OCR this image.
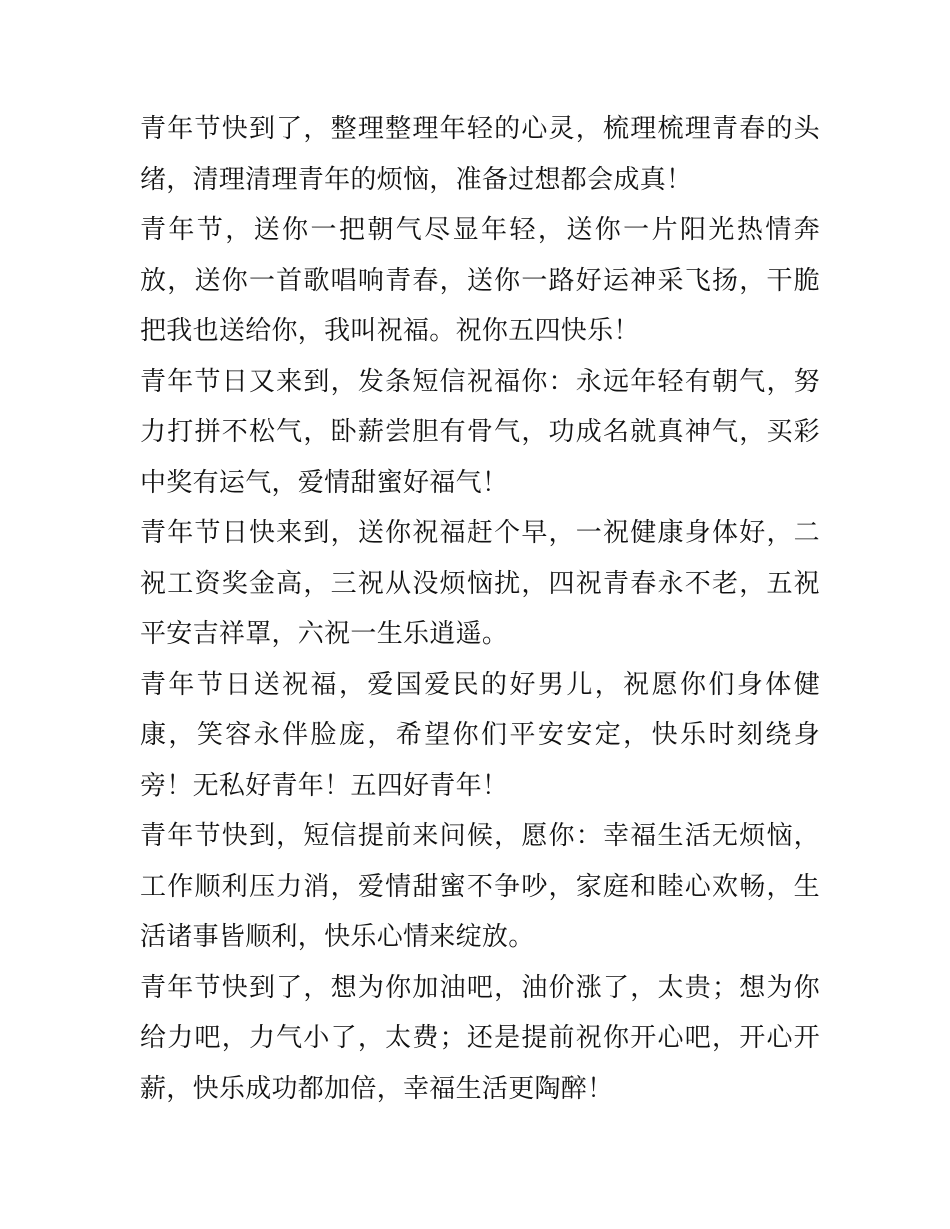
青年节快到了，整理整理年轻的心灵，梳理梳理青春的头绪，清理清理青年的烦恼，准备过想都会成真！

青年节，送你一把朝气尽显年轻，送你一片阳光热情奔放，送你一首歌唱响青春，送你一路好运神采飞扬，干脆把我也送给你，我叫祝福。祝你五四快乐！

青年节日又来到，发条短信祝福你：永远年轻有朝气，努力打拼不松气，卧薪尝胆有骨气，功成名就真神气，买彩中奖有运气，爱情甜蜜好福气！

青年节日快来到，送你祝福赶个早，一祝健康身体好，二祝工资奖金高，三祝从没烦恼扰，四祝青春永不老，五祝平安吉祥罩，六祝一生乐逍遥。

青年节日送祝福，爱国爱民的好男儿，祝愿你们身体健康，笑容永伴脸庞，希望你们平安安定，快乐时刻绕身旁！无私好青年！五四好青年！

青年节快到，短信提前来问候，愿你：幸福生活无烦恼，工作顺利压力消，爱情甜蜜不争吵，家庭和睦心欢畅，生活诸事皆顺利，快乐心情来绽放。

青年节快到了，想为你加油吧，油价涨了，太贵；想为你给力吧，力气小了，太费；还是提前祝你开心吧，开心开薪，快乐成功都加倍，幸福生活更陶醉！
